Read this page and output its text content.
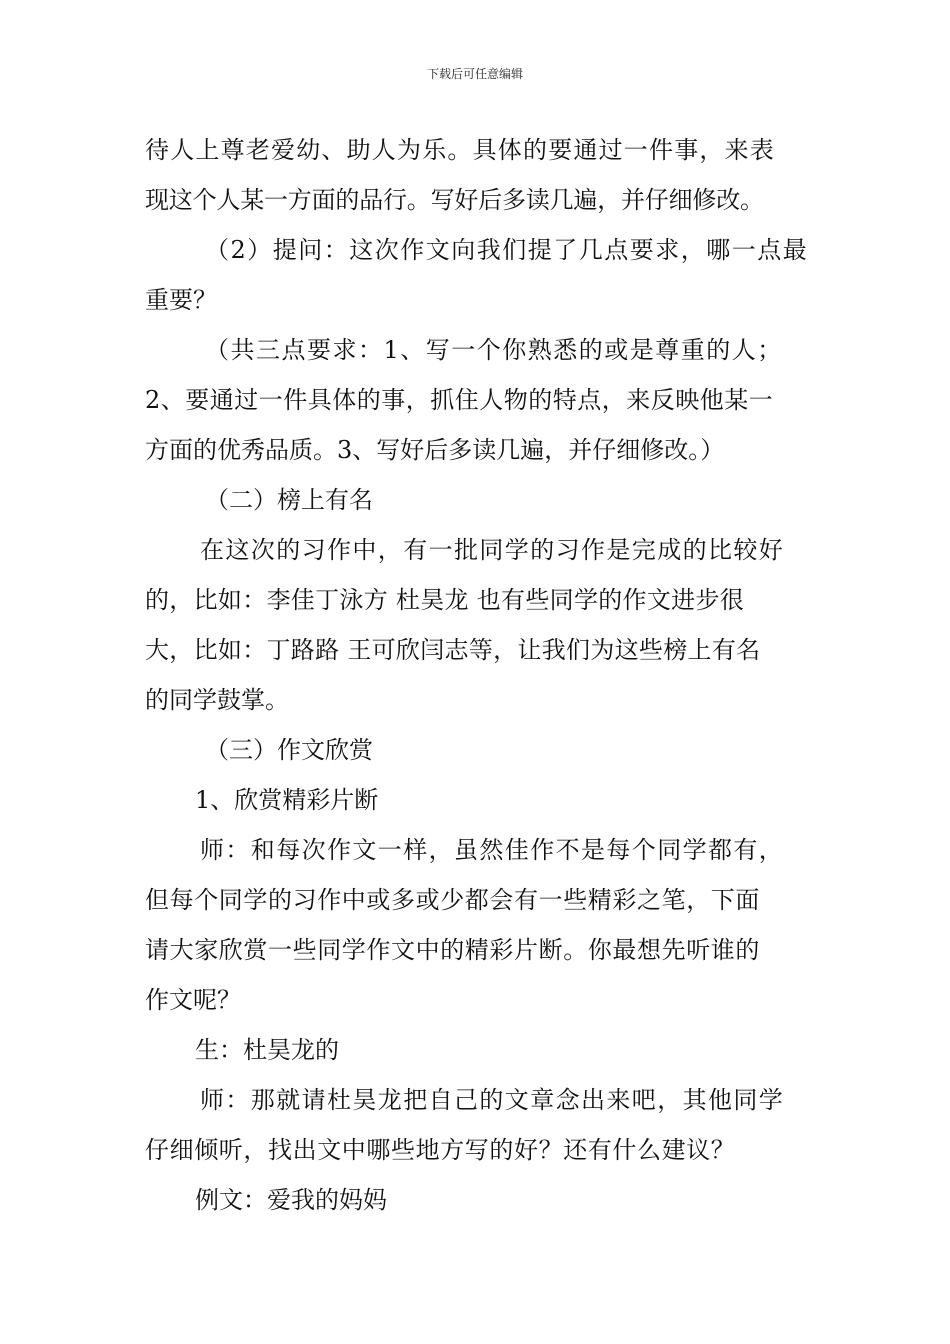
下载后可任意编辑
待人上尊老爱幼、助人为乐。具体的要通过一件事，来表
现这个人某一方面的品行。写好后多读几遍，并仔细修改。
（2）提问：这次作文向我们提了几点要求，哪一点最
重要？
（共三点要求：1、写一个你熟悉的或是尊重的人；
2、要通过一件具体的事，抓住人物的特点，来反映他某一
方面的优秀品质。3、写好后多读几遍，并仔细修改。）
（二）榜上有名
在这次的习作中，有一批同学的习作是完成的比较好
的，比如：李佳丁泳方 杜昊龙 也有些同学的作文进步很
大，比如：丁路路 王可欣闫志等，让我们为这些榜上有名
的同学鼓掌。
（三）作文欣赏
1、欣赏精彩片断
师：和每次作文一样，虽然佳作不是每个同学都有，
但每个同学的习作中或多或少都会有一些精彩之笔，下面
请大家欣赏一些同学作文中的精彩片断。你最想先听谁的
作文呢？
生：杜昊龙的
师：那就请杜昊龙把自己的文章念出来吧，其他同学
仔细倾听，找出文中哪些地方写的好？还有什么建议？
例文：爱我的妈妈
